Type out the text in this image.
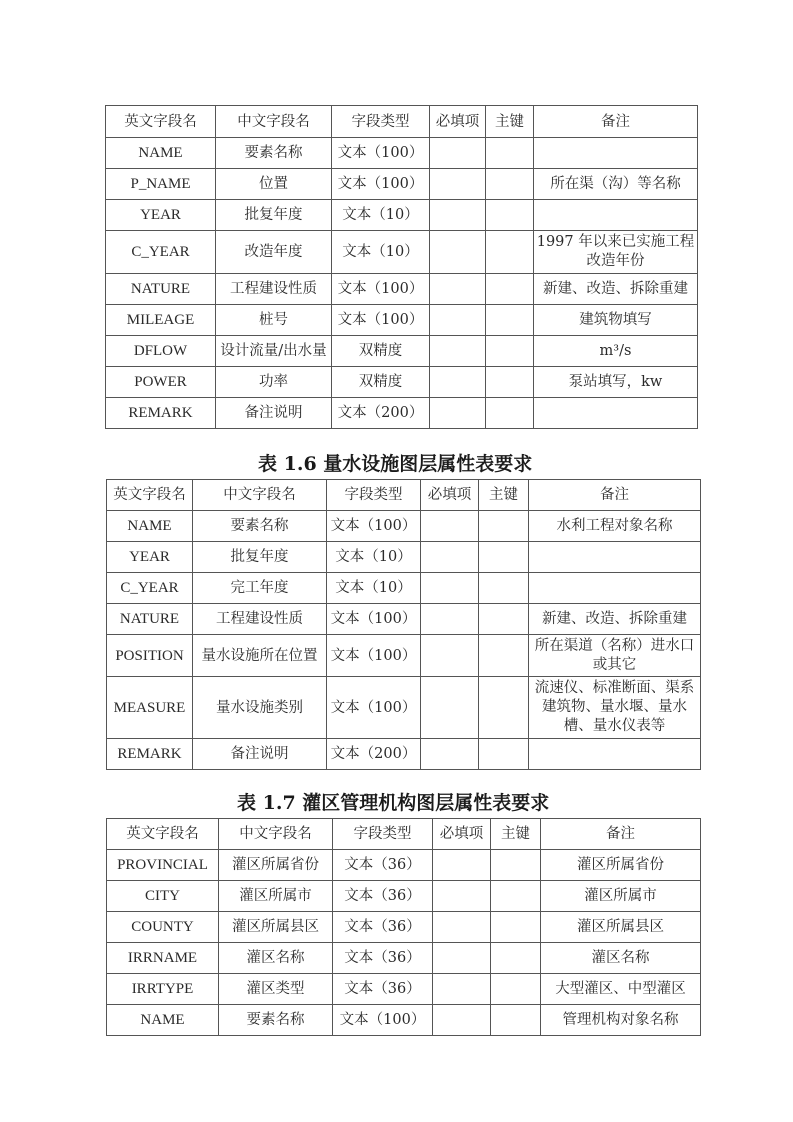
英文字段名	中文字段名	字段类型	必填项	主键	备注
NAME	要素名称	文本（100）			
P_NAME	位置	文本（100）			所在渠（沟）等名称
YEAR	批复年度	文本（10）			
C_YEAR	改造年度	文本（10）			1997 年以来已实施工程改造年份
NATURE	工程建设性质	文本（100）			新建、改造、拆除重建
MILEAGE	桩号	文本（100）			建筑物填写
DFLOW	设计流量/出水量	双精度			m³/s
POWER	功率	双精度			泵站填写，kw
REMARK	备注说明	文本（200）			
表 1.6 量水设施图层属性表要求
英文字段名	中文字段名	字段类型	必填项	主键	备注
NAME	要素名称	文本（100）			水利工程对象名称
YEAR	批复年度	文本（10）			
C_YEAR	完工年度	文本（10）			
NATURE	工程建设性质	文本（100）			新建、改造、拆除重建
POSITION	量水设施所在位置	文本（100）			所在渠道（名称）进水口或其它
MEASURE	量水设施类别	文本（100）			流速仪、标准断面、渠系建筑物、量水堰、量水槽、量水仪表等
REMARK	备注说明	文本（200）			
表 1.7 灌区管理机构图层属性表要求
英文字段名	中文字段名	字段类型	必填项	主键	备注
PROVINCIAL	灌区所属省份	文本（36）			灌区所属省份
CITY	灌区所属市	文本（36）			灌区所属市
COUNTY	灌区所属县区	文本（36）			灌区所属县区
IRRNAME	灌区名称	文本（36）			灌区名称
IRRTYPE	灌区类型	文本（36）			大型灌区、中型灌区
NAME	要素名称	文本（100）			管理机构对象名称
